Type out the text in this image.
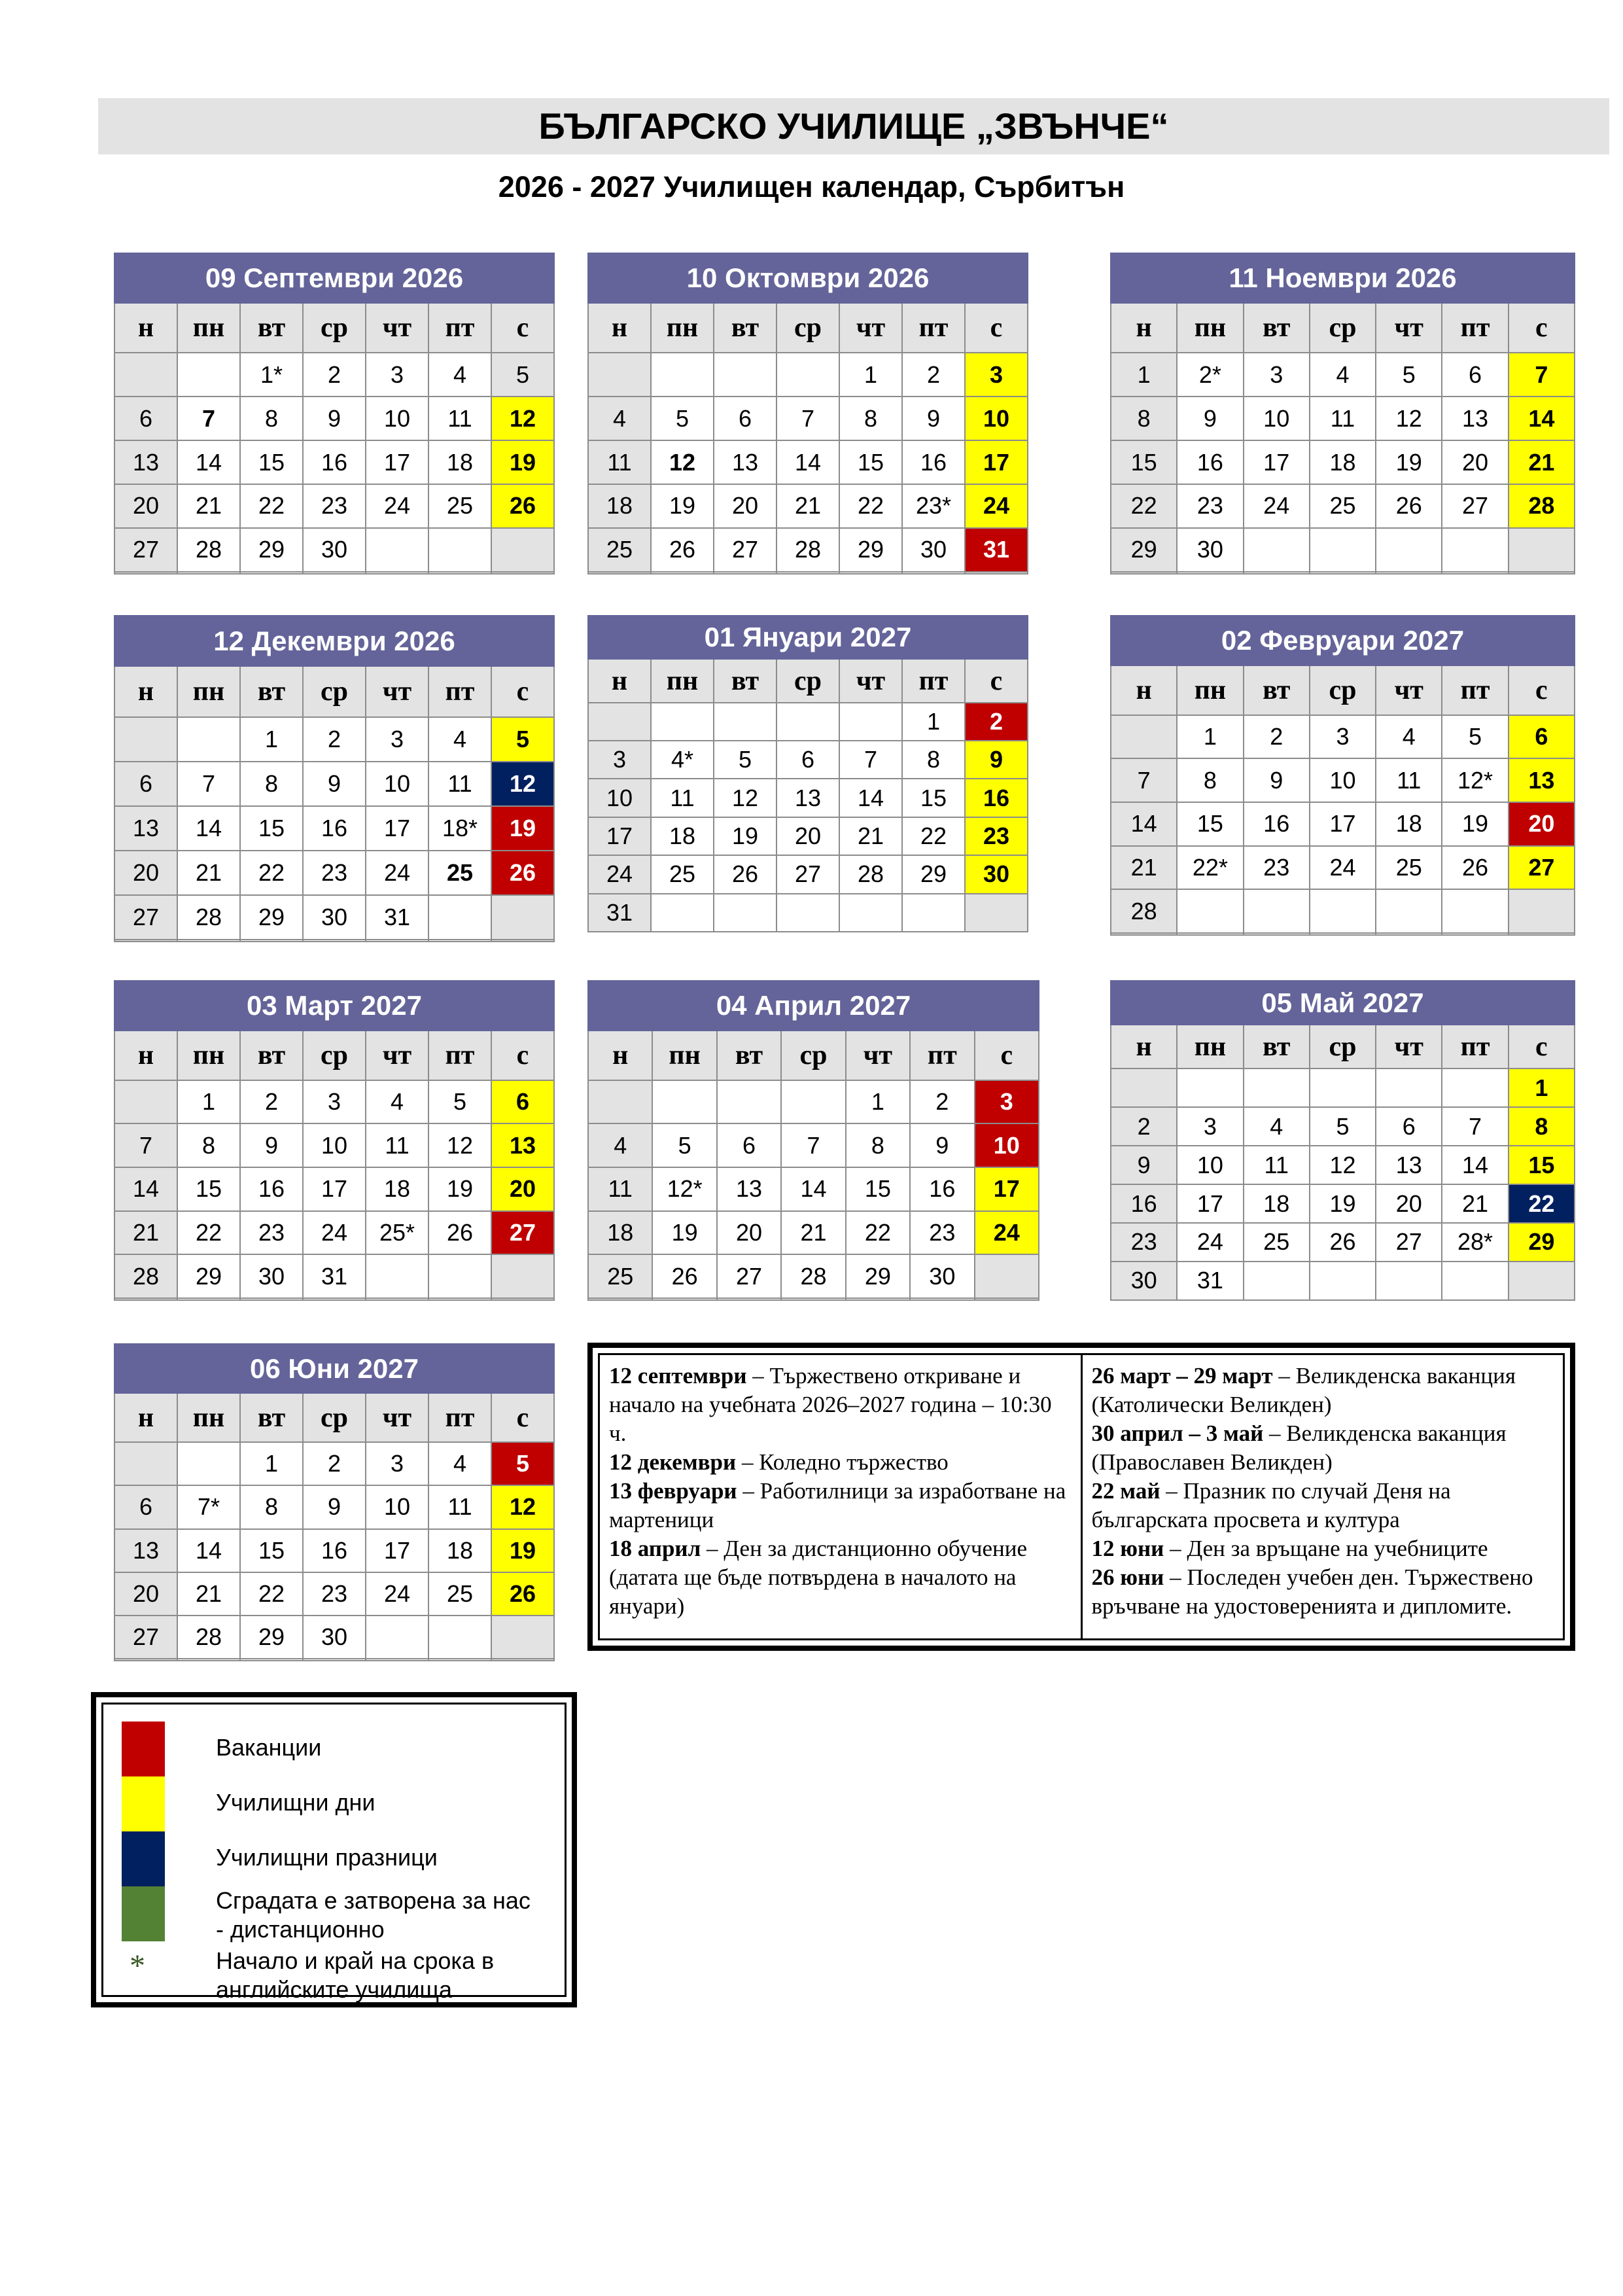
БЪЛГАРСКО УЧИЛИЩЕ „ЗВЪНЧЕ“
2026 - 2027 Училищен календар, Сърбитън
09 Септември 2026						
н	пн	вт	ср	чт	пт	с
		1*	2	3	4	5
6	7	8	9	10	11	12
13	14	15	16	17	18	19
20	21	22	23	24	25	26
27	28	29	30			

10 Октомври 2026						
н	пн	вт	ср	чт	пт	с
				1	2	3
4	5	6	7	8	9	10
11	12	13	14	15	16	17
18	19	20	21	22	23*	24
25	26	27	28	29	30	31

11 Ноември 2026						
н	пн	вт	ср	чт	пт	с
1	2*	3	4	5	6	7
8	9	10	11	12	13	14
15	16	17	18	19	20	21
22	23	24	25	26	27	28
29	30					

12 Декември 2026						
н	пн	вт	ср	чт	пт	с
		1	2	3	4	5
6	7	8	9	10	11	12
13	14	15	16	17	18*	19
20	21	22	23	24	25	26
27	28	29	30	31		

01 Януари 2027						
н	пн	вт	ср	чт	пт	с
					1	2
3	4*	5	6	7	8	9
10	11	12	13	14	15	16
17	18	19	20	21	22	23
24	25	26	27	28	29	30
31						
02 Февруари 2027						
н	пн	вт	ср	чт	пт	с
	1	2	3	4	5	6
7	8	9	10	11	12*	13
14	15	16	17	18	19	20
21	22*	23	24	25	26	27
28						

03 Март 2027						
н	пн	вт	ср	чт	пт	с
	1	2	3	4	5	6
7	8	9	10	11	12	13
14	15	16	17	18	19	20
21	22	23	24	25*	26	27
28	29	30	31			

04 Април 2027						
н	пн	вт	ср	чт	пт	с
				1	2	3
4	5	6	7	8	9	10
11	12*	13	14	15	16	17
18	19	20	21	22	23	24
25	26	27	28	29	30	

05 Май 2027						
н	пн	вт	ср	чт	пт	с
						1
2	3	4	5	6	7	8
9	10	11	12	13	14	15
16	17	18	19	20	21	22
23	24	25	26	27	28*	29
30	31					
06 Юни 2027						
н	пн	вт	ср	чт	пт	с
		1	2	3	4	5
6	7*	8	9	10	11	12
13	14	15	16	17	18	19
20	21	22	23	24	25	26
27	28	29	30			

12 септември – Тържествено откриване и начало на учебната 2026–2027 година – 10:30 ч.
12 декември – Коледно тържество
13 февруари – Работилници за изработване на мартеници
18 април – Ден за дистанционно обучение (датата ще бъде потвърдена в началото на януари)
26 март – 29 март – Великденска ваканция (Католически Великден)
30 април – 3 май – Великденска ваканция (Православен Великден)
22 май – Празник по случай Деня на българската просвета и култура
12 юни – Ден за връщане на учебниците
26 юни – Последен учебен ден. Тържествено връчване на удостоверенията и дипломите.
Ваканции
Училищни дни
Училищни празници
Сградата е затворена за нас - дистанционно
*	Начало и край на срока в английските училища
